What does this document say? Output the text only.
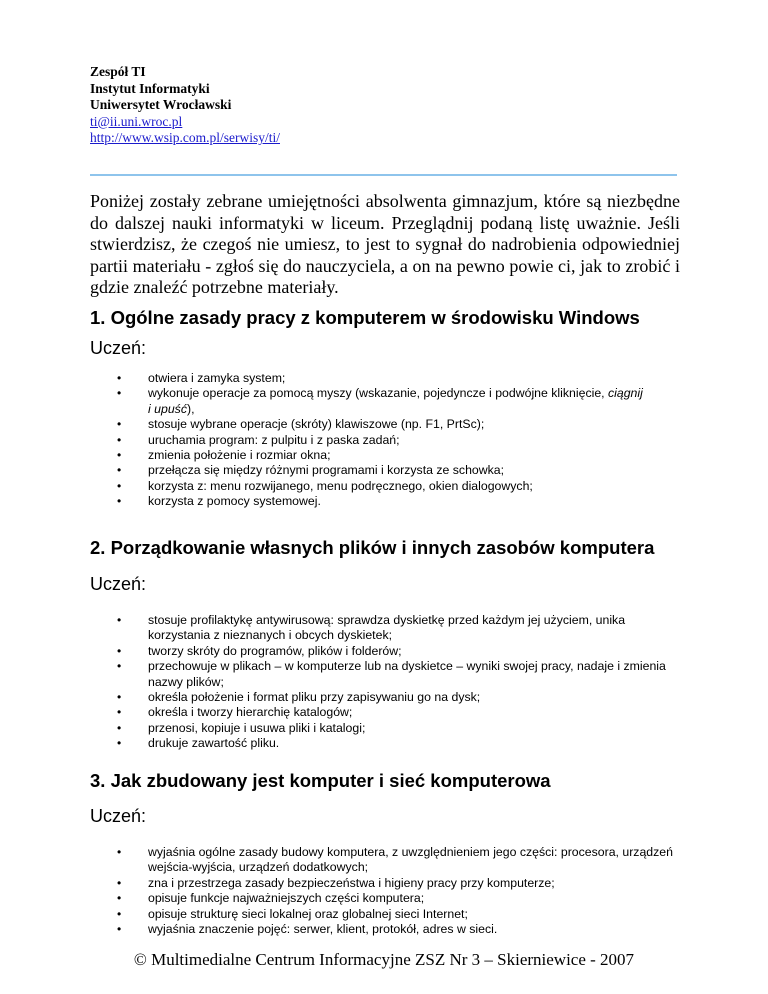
Zespół TI
Instytut Informatyki
Uniwersytet Wrocławski
ti@ii.uni.wroc.pl
http://www.wsip.com.pl/serwisy/ti/

Poniżej zostały zebrane umiejętności absolwenta gimnazjum, które są niezbędne do dalszej nauki informatyki w liceum. Przeglądnij podaną listę uważnie. Jeśli stwierdzisz, że czegoś nie umiesz, to jest to sygnał do nadrobienia odpowiedniej partii materiału - zgłoś się do nauczyciela, a on na pewno powie ci, jak to zrobić i gdzie znaleźć potrzebne materiały.

1. Ogólne zasady pracy z komputerem w środowisku Windows

Uczeń:

• otwiera i zamyka system;
• wykonuje operacje za pomocą myszy (wskazanie, pojedyncze i podwójne kliknięcie, ciągnij
i upuść),
• stosuje wybrane operacje (skróty) klawiszowe (np. F1, PrtSc);
• uruchamia program: z pulpitu i z paska zadań;
• zmienia położenie i rozmiar okna;
• przełącza się między różnymi programami i korzysta ze schowka;
• korzysta z: menu rozwijanego, menu podręcznego, okien dialogowych;
• korzysta z pomocy systemowej.
2. Porządkowanie własnych plików i innych zasobów komputera

Uczeń:

• stosuje profilaktykę antywirusową: sprawdza dyskietkę przed każdym jej użyciem, unika korzystania z nieznanych i obcych dyskietek;
• tworzy skróty do programów, plików i folderów;
• przechowuje w plikach – w komputerze lub na dyskietce – wyniki swojej pracy, nadaje i zmienia nazwy plików;
• określa położenie i format pliku przy zapisywaniu go na dysk;
• określa i tworzy hierarchię katalogów;
• przenosi, kopiuje i usuwa pliki i katalogi;
• drukuje zawartość pliku.
3. Jak zbudowany jest komputer i sieć komputerowa

Uczeń:

• wyjaśnia ogólne zasady budowy komputera, z uwzględnieniem jego części: procesora, urządzeń wejścia-wyjścia, urządzeń dodatkowych;
• zna i przestrzega zasady bezpieczeństwa i higieny pracy przy komputerze;
• opisuje funkcje najważniejszych części komputera;
• opisuje strukturę sieci lokalnej oraz globalnej sieci Internet;
• wyjaśnia znaczenie pojęć: serwer, klient, protokół, adres w sieci.
© Multimedialne Centrum Informacyjne ZSZ Nr 3 – Skierniewice - 2007
